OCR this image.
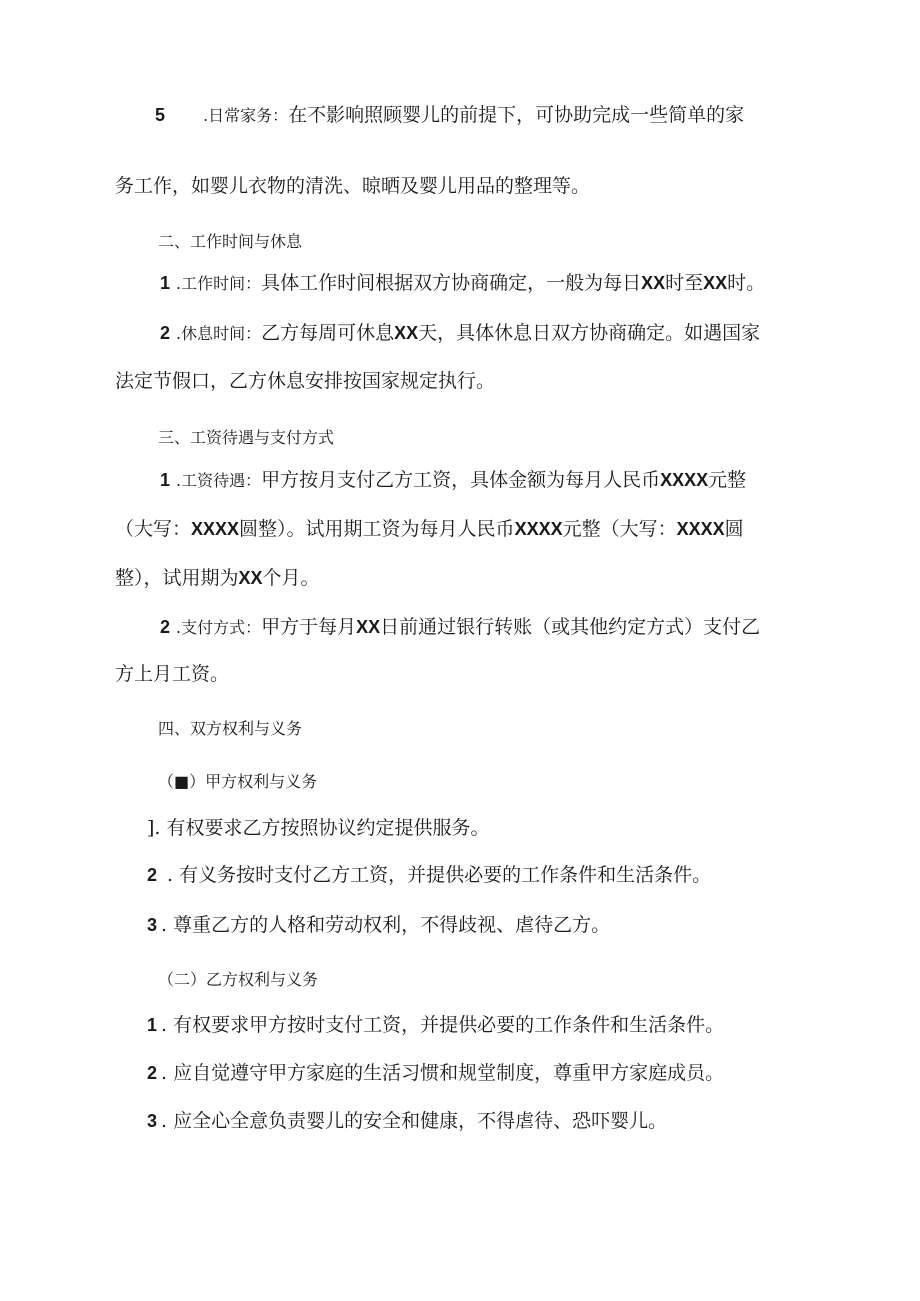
5 .日常家务：在不影响照顾婴儿的前提下，可协助完成一些简单的家

务工作，如婴儿衣物的清洗、晾晒及婴儿用品的整理等。

二、工作时间与休息

1 .工作时间：具体工作时间根据双方协商确定，一般为每日XX时至XX时。

2 .休息时间：乙方每周可休息XX天，具体休息日双方协商确定。如遇国家

法定节假口，乙方休息安排按国家规定执行。

三、工资待遇与支付方式

1 .工资待遇：甲方按月支付乙方工资，具体金额为每月人民币XXXX元整

（大写：XXXX圆整）。试用期工资为每月人民币XXXX元整（大写：XXXX圆

整），试用期为XX个月。

2 .支付方式：甲方于每月XX日前通过银行转账（或其他约定方式）支付乙

方上月工资。

四、双方权利与义务

（■）甲方权利与义务

]. 有权要求乙方按照协议约定提供服务。

2 . 有义务按时支付乙方工资，并提供必要的工作条件和生活条件。

3 . 尊重乙方的人格和劳动权利，不得歧视、虐待乙方。

（二）乙方权利与义务

1 . 有权要求甲方按时支付工资，并提供必要的工作条件和生活条件。

2 . 应自觉遵守甲方家庭的生活习惯和规堂制度，尊重甲方家庭成员。

3 . 应全心全意负责婴儿的安全和健康，不得虐待、恐吓婴儿。
